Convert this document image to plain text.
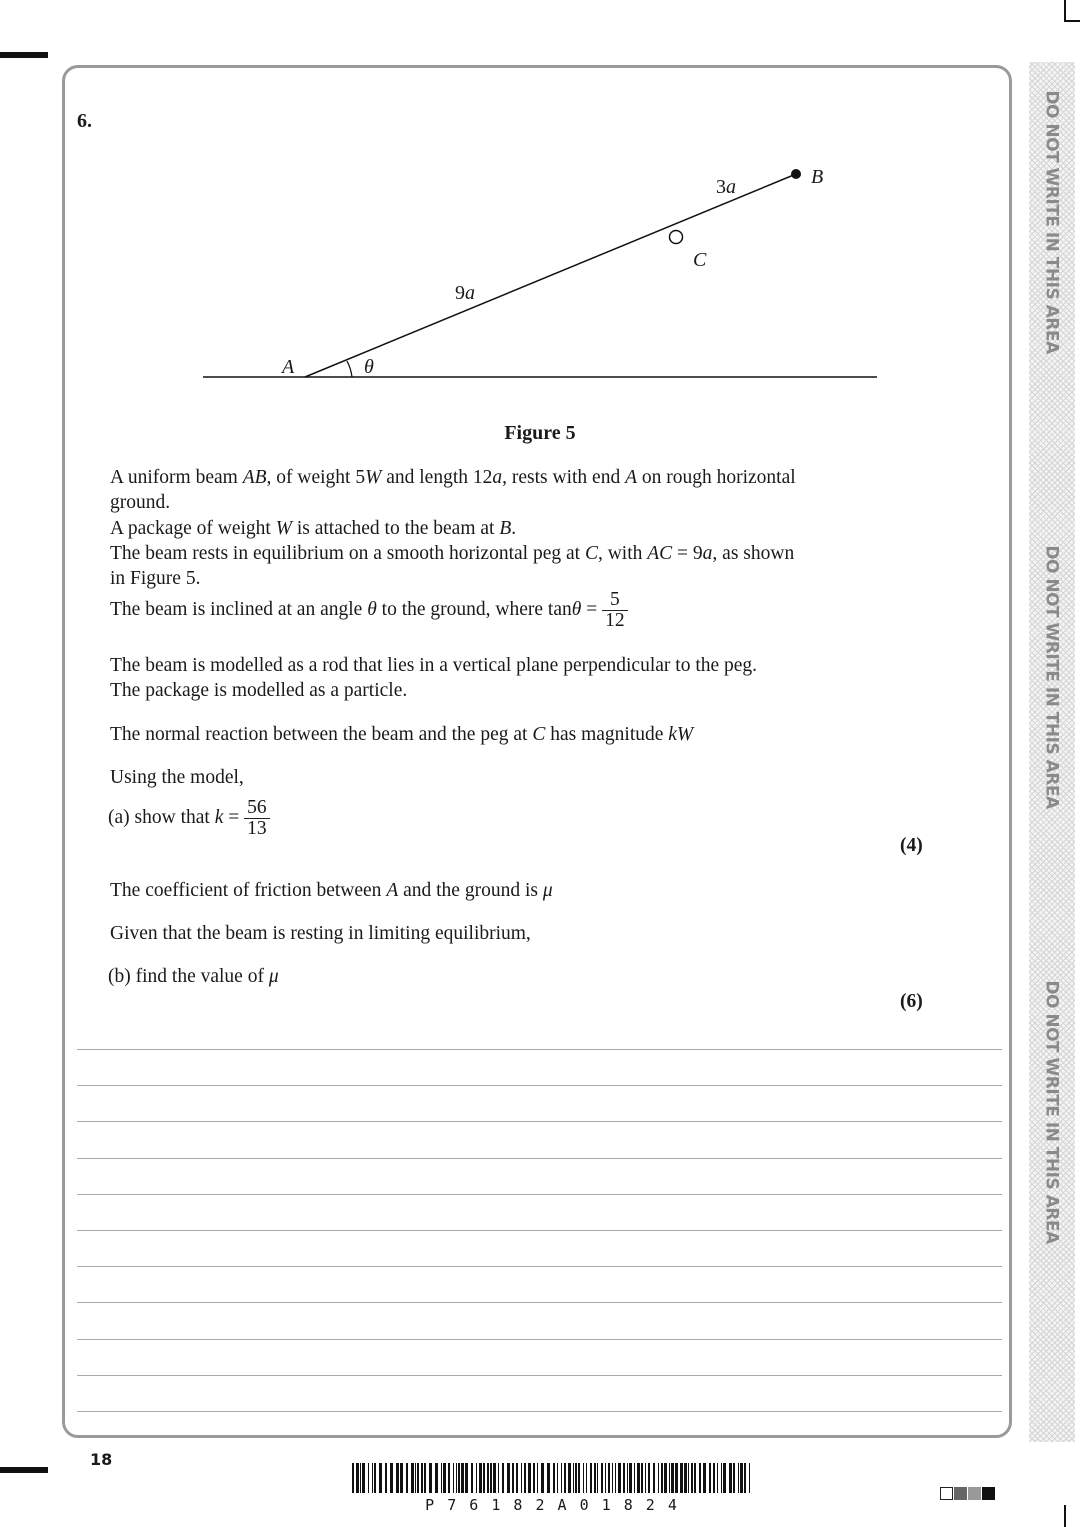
DO NOT WRITE IN THIS AREA
DO NOT WRITE IN THIS AREA
DO NOT WRITE IN THIS AREA
6.
A	θ
9a
C
3a	B
Figure 5
A uniform beam AB, of weight 5W and length 12a, rests with end A on rough horizontal
ground.
A package of weight W is attached to the beam at B.
The beam rests in equilibrium on a smooth horizontal peg at C, with AC = 9a, as shown
in Figure 5.
The beam is inclined at an angle θ to the ground, where $\tan\theta = \frac{5}{12}$
The beam is modelled as a rod that lies in a vertical plane perpendicular to the peg.
The package is modelled as a particle.
The normal reaction between the beam and the peg at C has magnitude kW
Using the model,
(a) show that $k = \frac{56}{13}$
(4)
The coefficient of friction between A and the ground is μ
Given that the beam is resting in limiting equilibrium,
(b) find the value of μ
(6)
18
P 7 6 1 8 2 A 0 1 8 2 4
